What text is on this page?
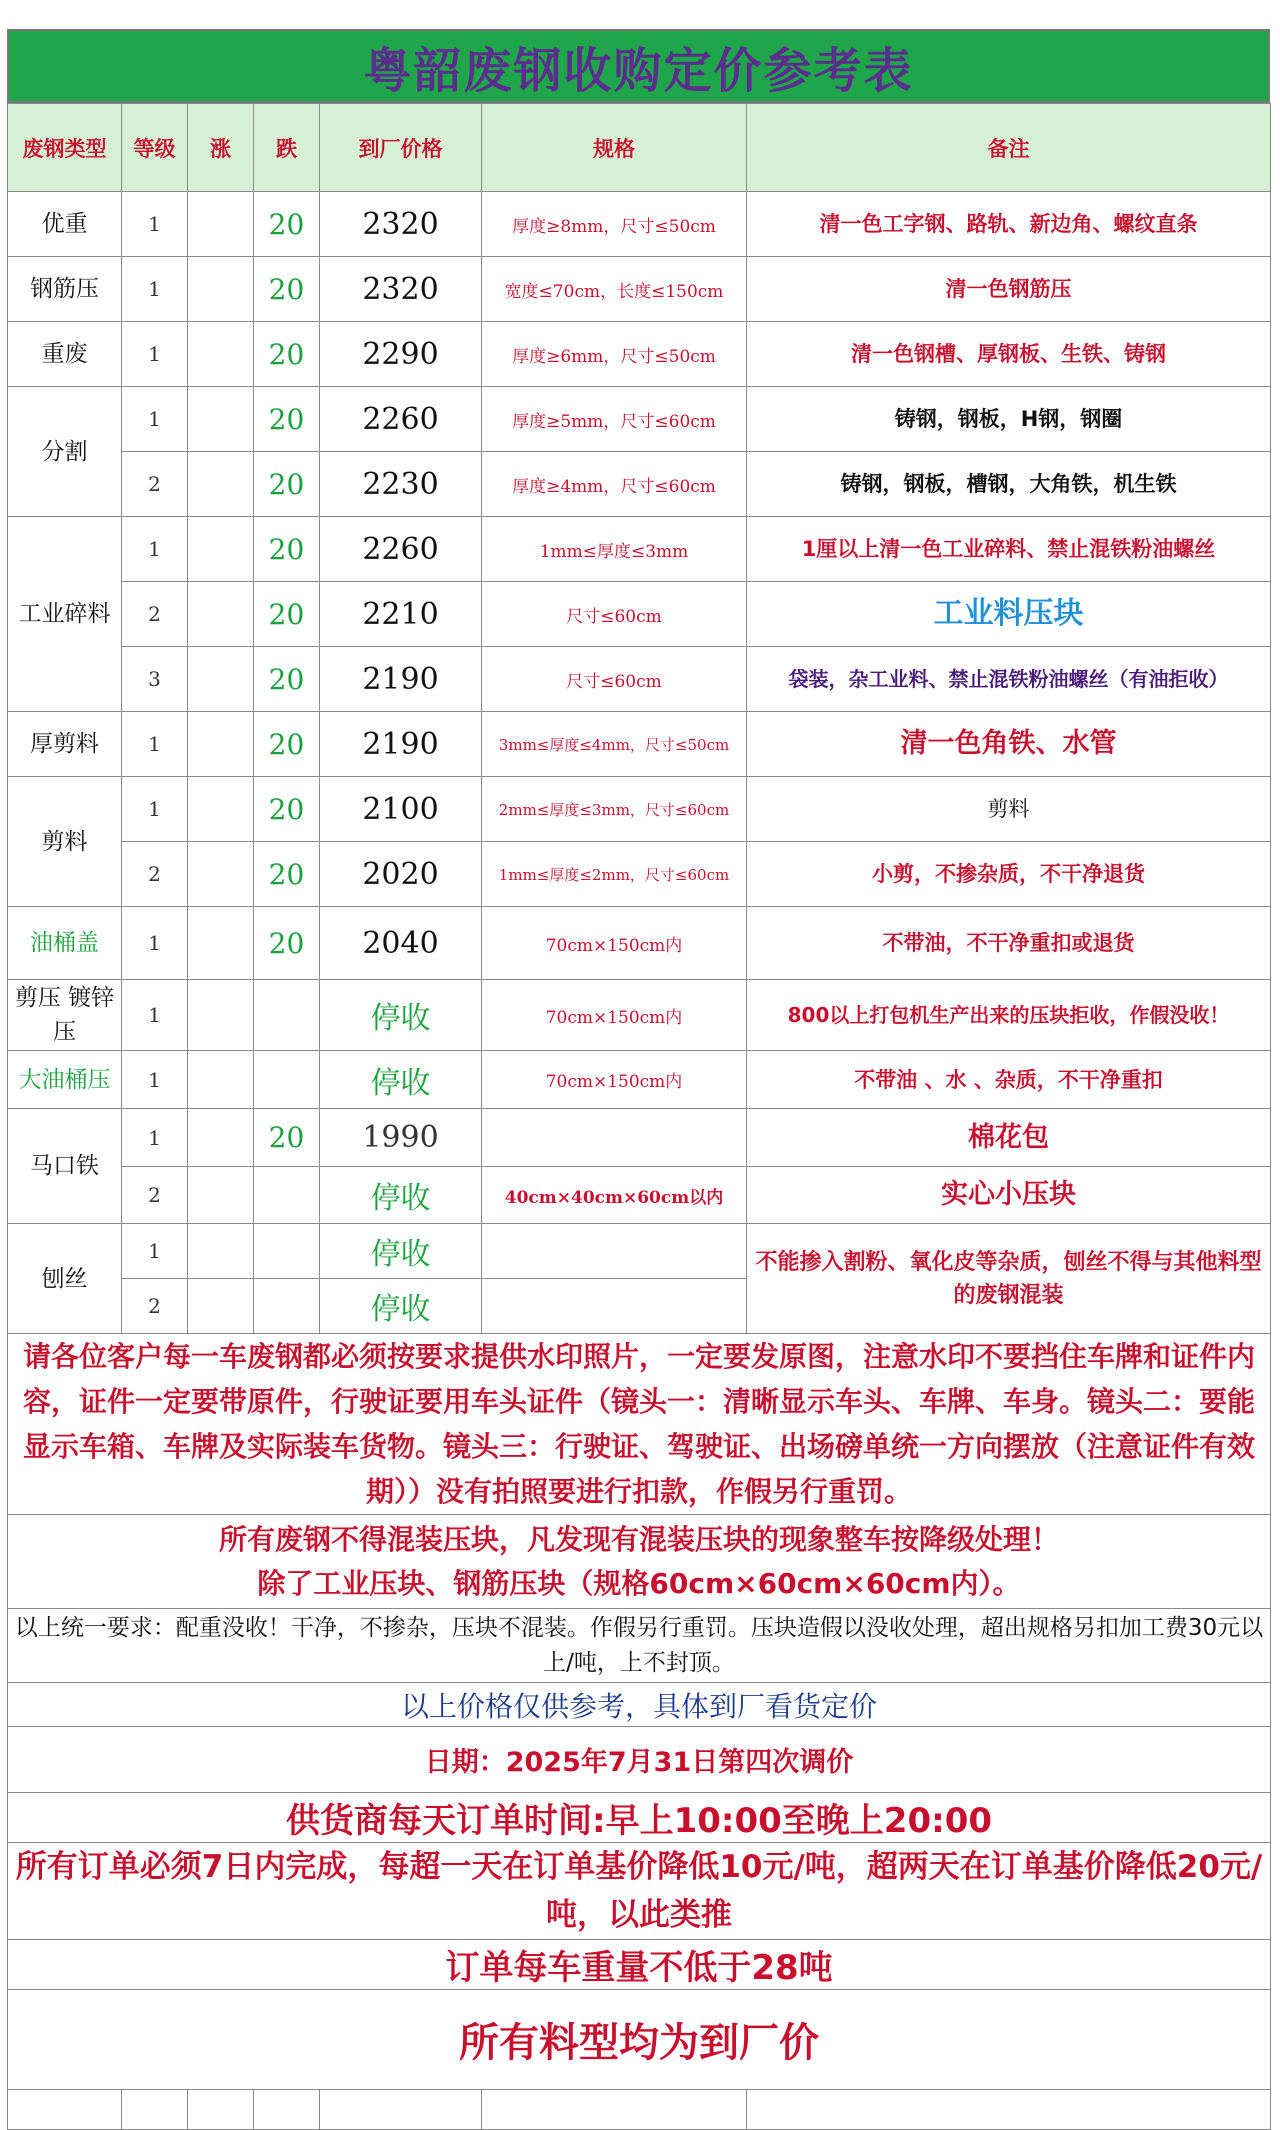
粤韶废钢收购定价参考表
废钢类型	等级	涨	跌	到厂价格	规格	备注
优重	1		20	2320	厚度≥8mm，尺寸≤50cm	清一色工字钢、路轨、新边角、螺纹直条
钢筋压	1		20	2320	宽度≤70cm，长度≤150cm	清一色钢筋压
重废	1		20	2290	厚度≥6mm，尺寸≤50cm	清一色钢槽、厚钢板、生铁、铸钢
分割	1		20	2260	厚度≥5mm，尺寸≤60cm	铸钢，钢板，H钢，钢圈
	2		20	2230	厚度≥4mm，尺寸≤60cm	铸钢，钢板，槽钢，大角铁，机生铁
工业碎料	1		20	2260	1mm≤厚度≤3mm	1厘以上清一色工业碎料、禁止混铁粉油螺丝
	2		20	2210	尺寸≤60cm	工业料压块
	3		20	2190	尺寸≤60cm	袋装，杂工业料、禁止混铁粉油螺丝（有油拒收）
厚剪料	1		20	2190	3mm≤厚度≤4mm，尺寸≤50cm	清一色角铁、水管
剪料	1		20	2100	2mm≤厚度≤3mm，尺寸≤60cm	剪料
	2		20	2020	1mm≤厚度≤2mm，尺寸≤60cm	小剪，不掺杂质，不干净退货
油桶盖	1		20	2040	70cm×150cm内	不带油，不干净重扣或退货
剪压 镀锌压	1			停收	70cm×150cm内	800以上打包机生产出来的压块拒收，作假没收！
大油桶压	1			停收	70cm×150cm内	不带油 、水 、杂质，不干净重扣
马口铁	1		20	1990		棉花包
	2			停收	40cm×40cm×60cm以内	实心小压块
刨丝	1			停收		不能掺入割粉、氧化皮等杂质，刨丝不得与其他料型的废钢混装
	2			停收		
请各位客户每一车废钢都必须按要求提供水印照片，一定要发原图，注意水印不要挡住车牌和证件内容，证件一定要带原件，行驶证要用车头证件（镜头一：清晰显示车头、车牌、车身。镜头二：要能显示车箱、车牌及实际装车货物。镜头三：行驶证、驾驶证、出场磅单统一方向摆放（注意证件有效期））没有拍照要进行扣款，作假另行重罚。						

所有废钢不得混装压块，凡发现有混装压块的现象整车按降级处理！
除了工业压块、钢筋压块（规格60cm×60cm×60cm内）。						

以上统一要求：配重没收！干净，不掺杂，压块不混装。作假另行重罚。压块造假以没收处理，超出规格另扣加工费30元以上/吨，上不封顶。						
以上价格仅供参考，具体到厂看货定价						
日期：2025年7月31日第四次调价						
供货商每天订单时间:早上10:00至晚上20:00						
所有订单必须7日内完成，每超一天在订单基价降低10元/吨，超两天在订单基价降低20元/吨，以此类推						
订单每车重量不低于28吨						
所有料型均为到厂价						
